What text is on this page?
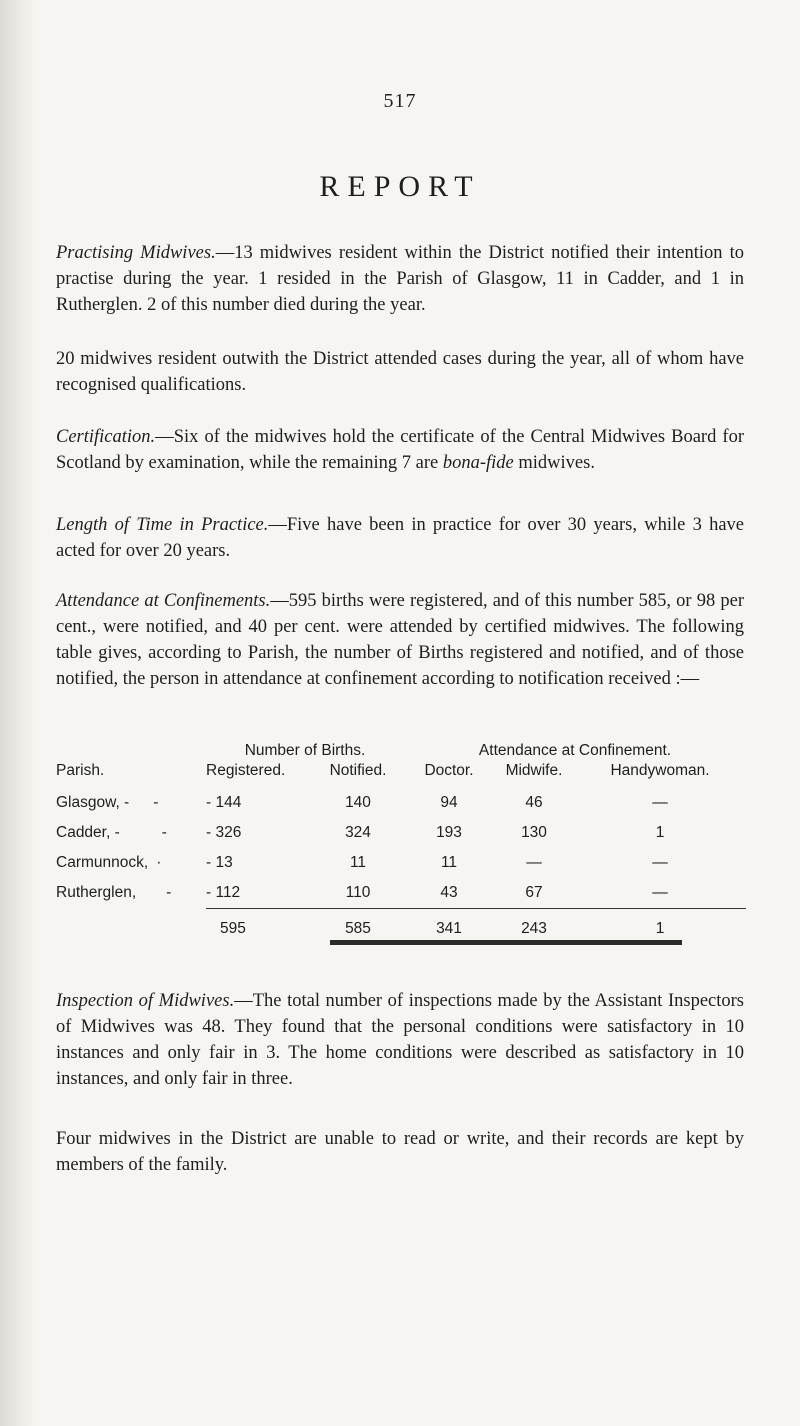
517
REPORT

Practising Midwives.—13 midwives resident within the District notified their intention to practise during the year. 1 resided in the Parish of Glasgow, 11 in Cadder, and 1 in Rutherglen. 2 of this number died during the year.

20 midwives resident outwith the District attended cases during the year, all of whom have recognised qualifications.

Certification.—Six of the midwives hold the certificate of the Central Midwives Board for Scotland by examination, while the remaining 7 are bona-fide midwives.

Length of Time in Practice.—Five have been in practice for over 30 years, while 3 have acted for over 20 years.

Attendance at Confinements.—595 births were registered, and of this number 585, or 98 per cent., were notified, and 40 per cent. were attended by certified midwives. The following table gives, according to Parish, the number of Births registered and notified, and of those notified, the person in attendance at confinement according to notification received :—

	Number of Births.		Attendance at Confinement.		
Parish.	Registered.	Notified.	Doctor.	Midwife.	Handywoman.
Glasgow, - -	- 144	140	94	46	—
Cadder, - -	- 326	324	193	130	1
Carmunnock, ·	- 13	11	11	—	—
Rutherglen, -	- 112	110	43	67	—
	595	585	341	243	1

Inspection of Midwives.—The total number of inspections made by the Assistant Inspectors of Midwives was 48. They found that the personal conditions were satisfactory in 10 instances and only fair in 3. The home conditions were described as satisfactory in 10 instances, and only fair in three.

Four midwives in the District are unable to read or write, and their records are kept by members of the family.
